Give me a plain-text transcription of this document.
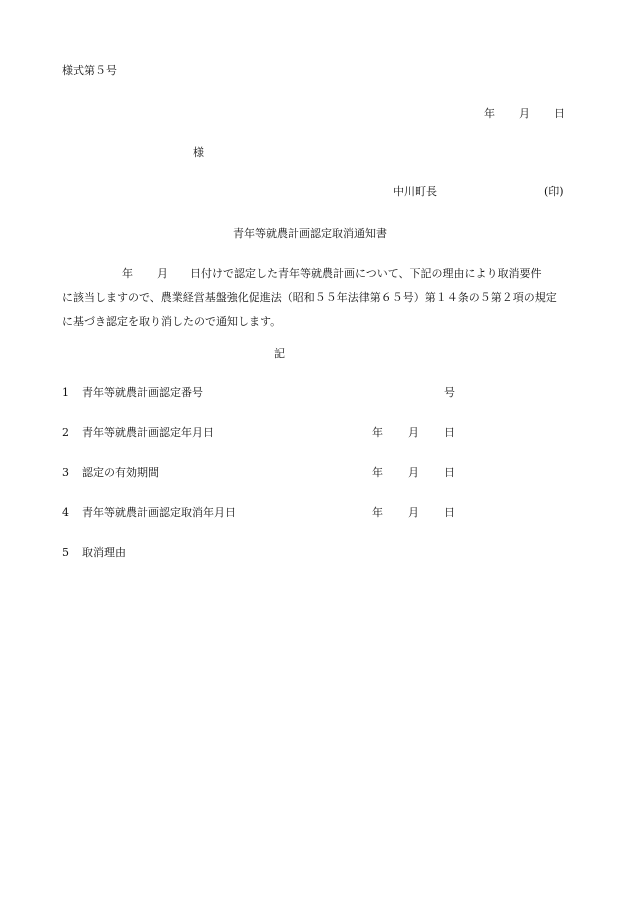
様式第５号
年 月 日
様
中川町長	(印)
青年等就農計画認定取消通知書
年 月 日付けで認定した青年等就農計画について、下記の理由により取消要件
に該当しますので、農業経営基盤強化促進法（昭和５５年法律第６５号）第１４条の５第２項の規定
に基づき認定を取り消したので通知します。
記
1 青年等就農計画認定番号	号
2 青年等就農計画認定年月日	年 月 日
3 認定の有効期間	年 月 日
4 青年等就農計画認定取消年月日	年 月 日
5 取消理由
